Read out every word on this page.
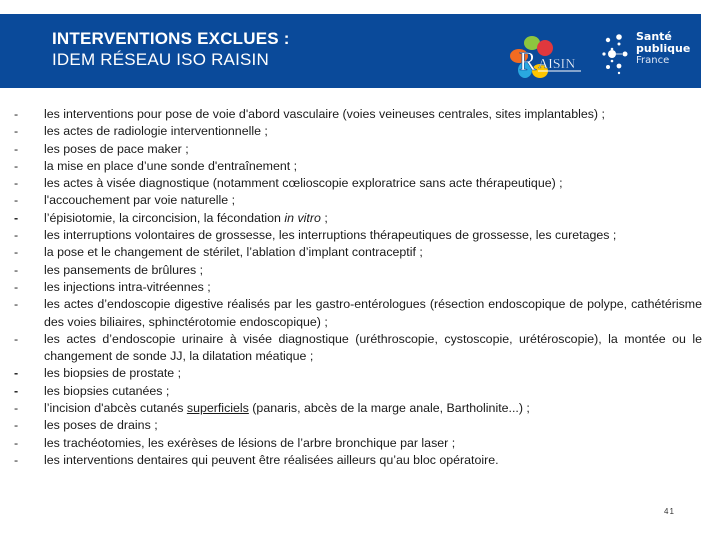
INTERVENTIONS EXCLUES :
IDEM RÉSEAU ISO RAISIN	R AISIN
Santé
publique
France
-	les interventions pour pose de voie d'abord vasculaire (voies veineuses centrales, sites implantables) ;
-	les actes de radiologie interventionnelle ;
-	les poses de pace maker ;
-	la mise en place d’une sonde d'entraînement ;
-	les actes à visée diagnostique (notamment cœlioscopie exploratrice sans acte thérapeutique) ;
-	l'accouchement par voie naturelle ;
-	l’épisiotomie, la circoncision, la fécondation in vitro ;
-	les interruptions volontaires de grossesse, les interruptions thérapeutiques de grossesse, les curetages ;
-	la pose et le changement de stérilet, l’ablation d’implant contraceptif ;
-	les pansements de brûlures ;
-	les injections intra-vitréennes ;
-	les actes d’endoscopie digestive réalisés par les gastro-entérologues (résection endoscopique de polype, cathétérisme des voies biliaires, sphinctérotomie endoscopique) ;
-	les actes d’endoscopie urinaire à visée diagnostique (uréthroscopie, cystoscopie, urétéroscopie), la montée ou le changement de sonde JJ, la dilatation méatique ;
-	les biopsies de prostate ;
-	les biopsies cutanées ;
-	l’incision d'abcès cutanés superficiels (panaris, abcès de la marge anale, Bartholinite...) ;
-	les poses de drains ;
-	les trachéotomies, les exérèses de lésions de l’arbre bronchique par laser ;
-	les interventions dentaires qui peuvent être réalisées ailleurs qu’au bloc opératoire.
41
